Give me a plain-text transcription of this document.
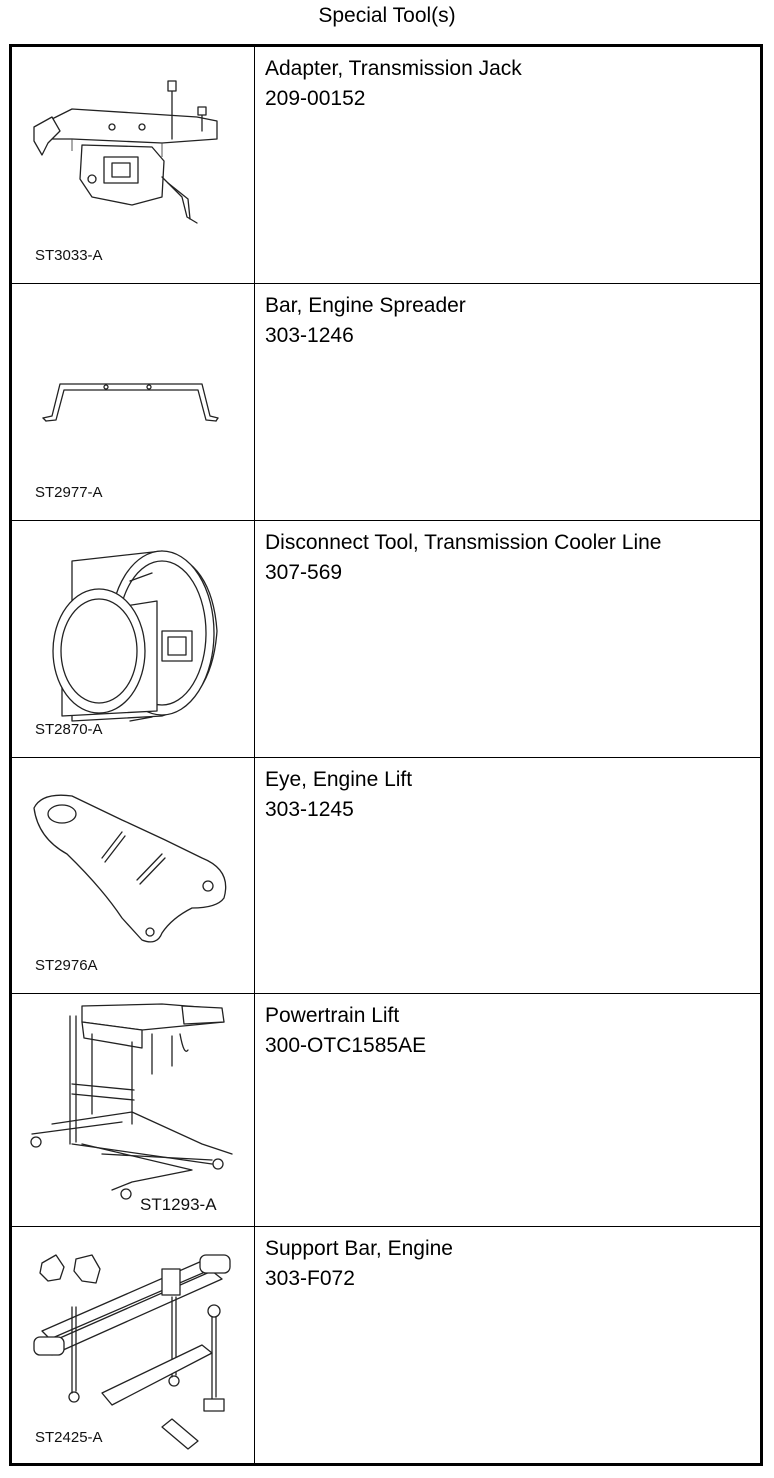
Special Tool(s)
ST3033-A
Adapter, Transmission Jack
209-00152
ST2977-A
Bar, Engine Spreader
303-1246
ST2870-A
Disconnect Tool, Transmission Cooler Line
307-569
ST2976A
Eye, Engine Lift
303-1245
ST1293-A
Powertrain Lift
300-OTC1585AE
ST2425-A
Support Bar, Engine
303-F072
